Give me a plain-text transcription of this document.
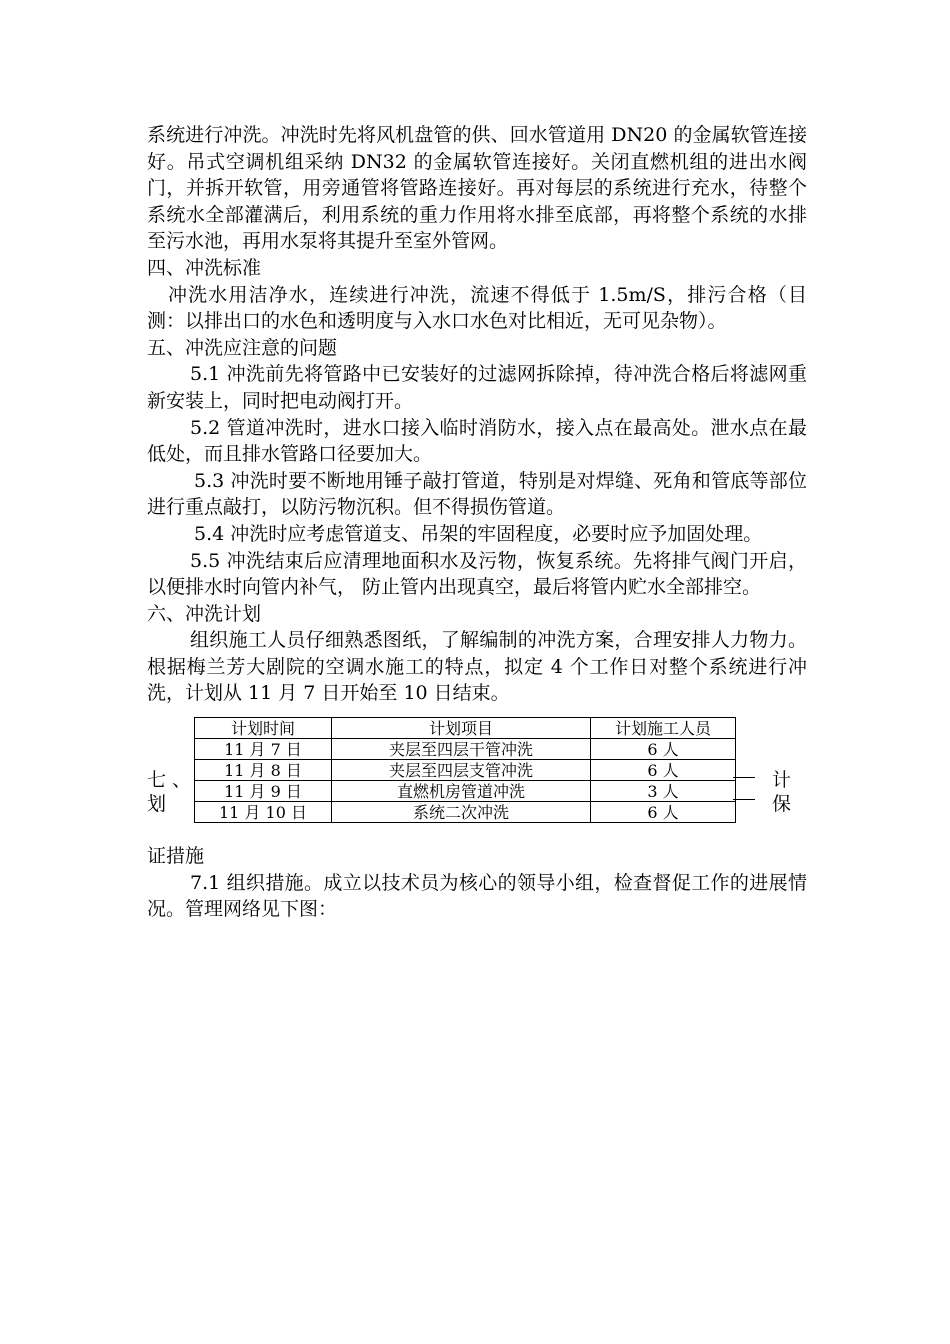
系统进行冲洗。冲洗时先将风机盘管的供、回水管道用 DN20 的金属软管连接好。吊式空调机组采纳 DN32 的金属软管连接好。关闭直燃机组的进出水阀门，并拆开软管，用旁通管将管路连接好。再对每层的系统进行充水，待整个系统水全部灌满后，利用系统的重力作用将水排至底部，再将整个系统的水排至污水池，再用水泵将其提升至室外管网。

四、冲洗标准

冲洗水用洁净水，连续进行冲洗，流速不得低于 1.5m/S，排污合格（目测：以排出口的水色和透明度与入水口水色对比相近，无可见杂物）。

五、冲洗应注意的问题

5.1 冲洗前先将管路中已安装好的过滤网拆除掉，待冲洗合格后将滤网重新安装上，同时把电动阀打开。

5.2 管道冲洗时，进水口接入临时消防水，接入点在最高处。泄水点在最低处，而且排水管路口径要加大。

5.3 冲洗时要不断地用锤子敲打管道，特别是对焊缝、死角和管底等部位进行重点敲打，以防污物沉积。但不得损伤管道。

5.4 冲洗时应考虑管道支、吊架的牢固程度，必要时应予加固处理。

5.5 冲洗结束后应清理地面积水及污物，恢复系统。先将排气阀门开启，以便排水时向管内补气， 防止管内出现真空，最后将管内贮水全部排空。

六、冲洗计划

组织施工人员仔细熟悉图纸，了解编制的冲洗方案，合理安排人力物力。根据梅兰芳大剧院的空调水施工的特点，拟定 4 个工作日对整个系统进行冲洗，计划从 11 月 7 日开始至 10 日结束。

计划时间	计划项目	计划施工人员
11 月 7 日	夹层至四层干管冲洗	6 人
11 月 8 日	夹层至四层支管冲洗	6 人
11 月 9 日	直燃机房管道冲洗	3 人
11 月 10 日	系统二次冲洗	6 人
七 、
划
计
保

证措施

7.1 组织措施。成立以技术员为核心的领导小组，检查督促工作的进展情况。管理网络见下图：
